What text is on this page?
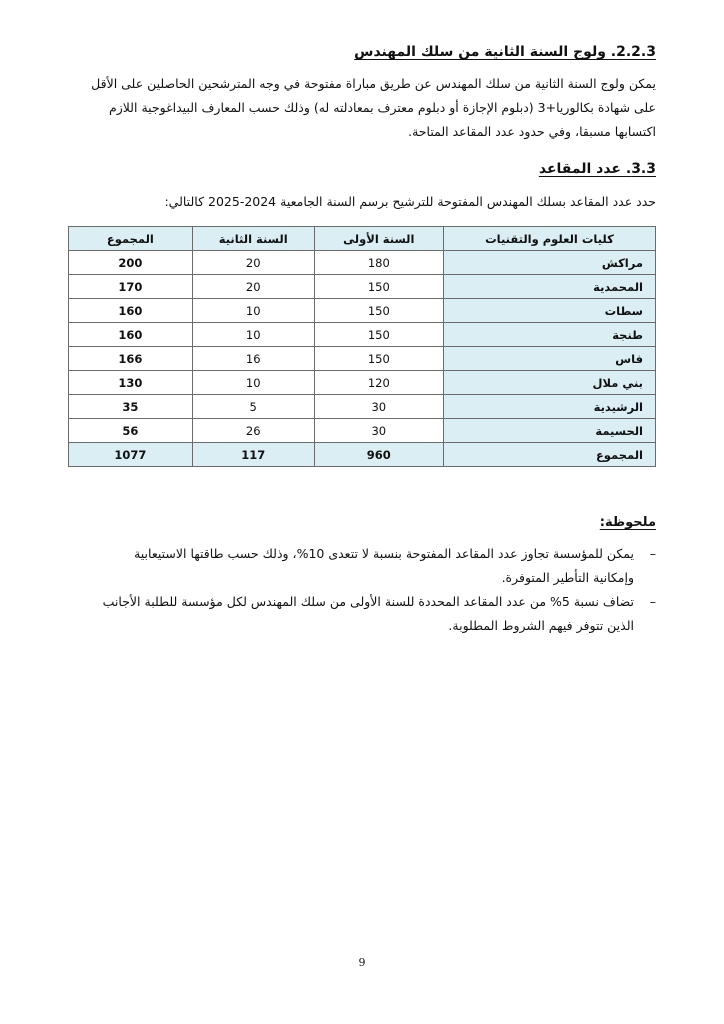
2.2.3. ولوج السنة الثانية من سلك المهندس
يمكن ولوج السنة الثانية من سلك المهندس عن طريق مباراة مفتوحة في وجه المترشحين الحاصلين على الأقل
على شهادة بكالوريا+3 (دبلوم الإجازة أو دبلوم معترف بمعادلته له) وذلك حسب المعارف البيداغوجية اللازم
اكتسابها مسبقا، وفي حدود عدد المقاعد المتاحة.
3.3. عدد المقاعد
حدد عدد المقاعد بسلك المهندس المفتوحة للترشيح برسم السنة الجامعية 2024-2025 كالتالي:
كليات العلوم والتقنيات	السنة الأولى	السنة الثانية	المجموع
مراكش	180	20	200
المحمدية	150	20	170
سطات	150	10	160
طنجة	150	10	160
فاس	150	16	166
بني ملال	120	10	130
الرشيدية	30	5	35
الحسيمة	30	26	56
المجموع	960	117	1077
ملحوظة:
–
يمكن للمؤسسة تجاوز عدد المقاعد المفتوحة بنسبة لا تتعدى 10%، وذلك حسب طاقتها الاستيعابية
وإمكانية التأطير المتوفرة.
–
تضاف نسبة 5% من عدد المقاعد المحددة للسنة الأولى من سلك المهندس لكل مؤسسة للطلبة الأجانب
الذين تتوفر فيهم الشروط المطلوبة.
9
